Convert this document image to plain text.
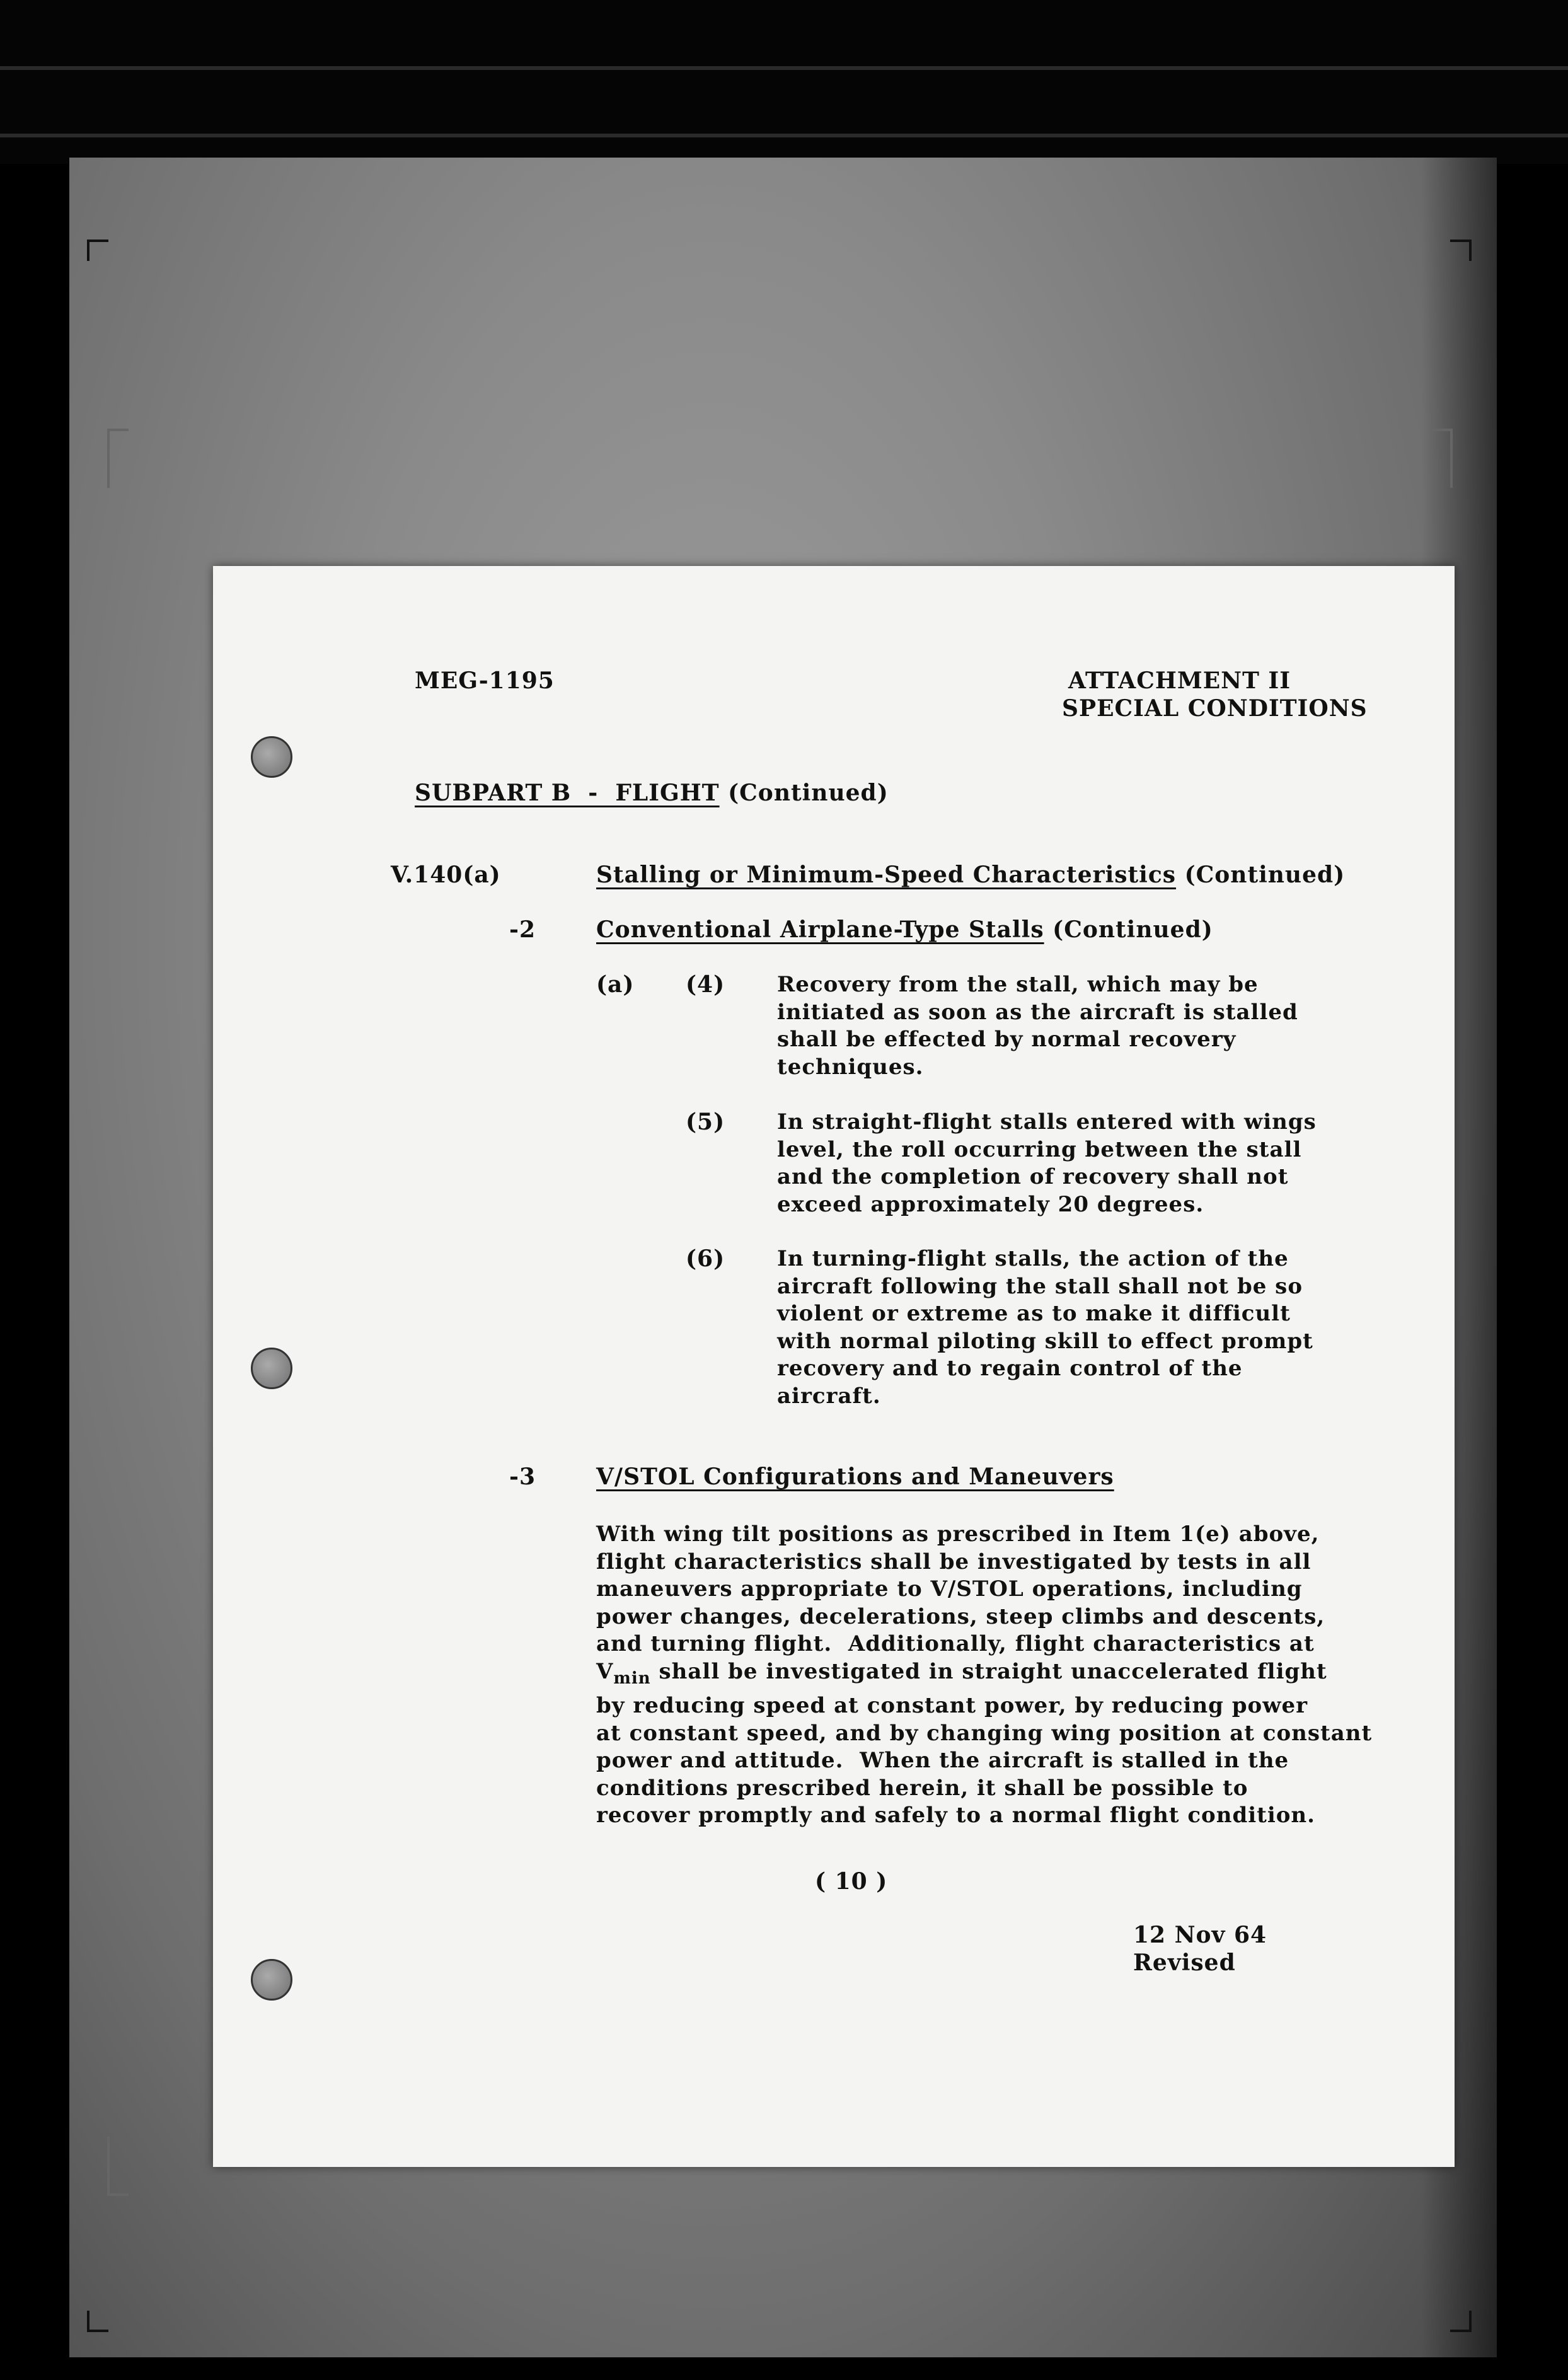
MEG-1195	ATTACHMENT II
SPECIAL CONDITIONS
SUBPART B  -  FLIGHT (Continued)
V.140(a)	Stalling or Minimum-Speed Characteristics (Continued)
-2	Conventional Airplane-Type Stalls (Continued)
(a) (4) Recovery from the stall, which may be
initiated as soon as the aircraft is stalled
shall be effected by normal recovery
techniques.
(5) In straight-flight stalls entered with wings
level, the roll occurring between the stall
and the completion of recovery shall not
exceed approximately 20 degrees.
(6) In turning-flight stalls, the action of the
aircraft following the stall shall not be so
violent or extreme as to make it difficult
with normal piloting skill to effect prompt
recovery and to regain control of the
aircraft.
-3	V/STOL Configurations and Maneuvers
With wing tilt positions as prescribed in Item 1(e) above,
flight characteristics shall be investigated by tests in all
maneuvers appropriate to V/STOL operations, including
power changes, decelerations, steep climbs and descents,
and turning flight.  Additionally, flight characteristics at
$V_{min}$ shall be investigated in straight unaccelerated flight
by reducing speed at constant power, by reducing power
at constant speed, and by changing wing position at constant
power and attitude.  When the aircraft is stalled in the
conditions prescribed herein, it shall be possible to
recover promptly and safely to a normal flight condition.
( 10 )
12 Nov 64
Revised
